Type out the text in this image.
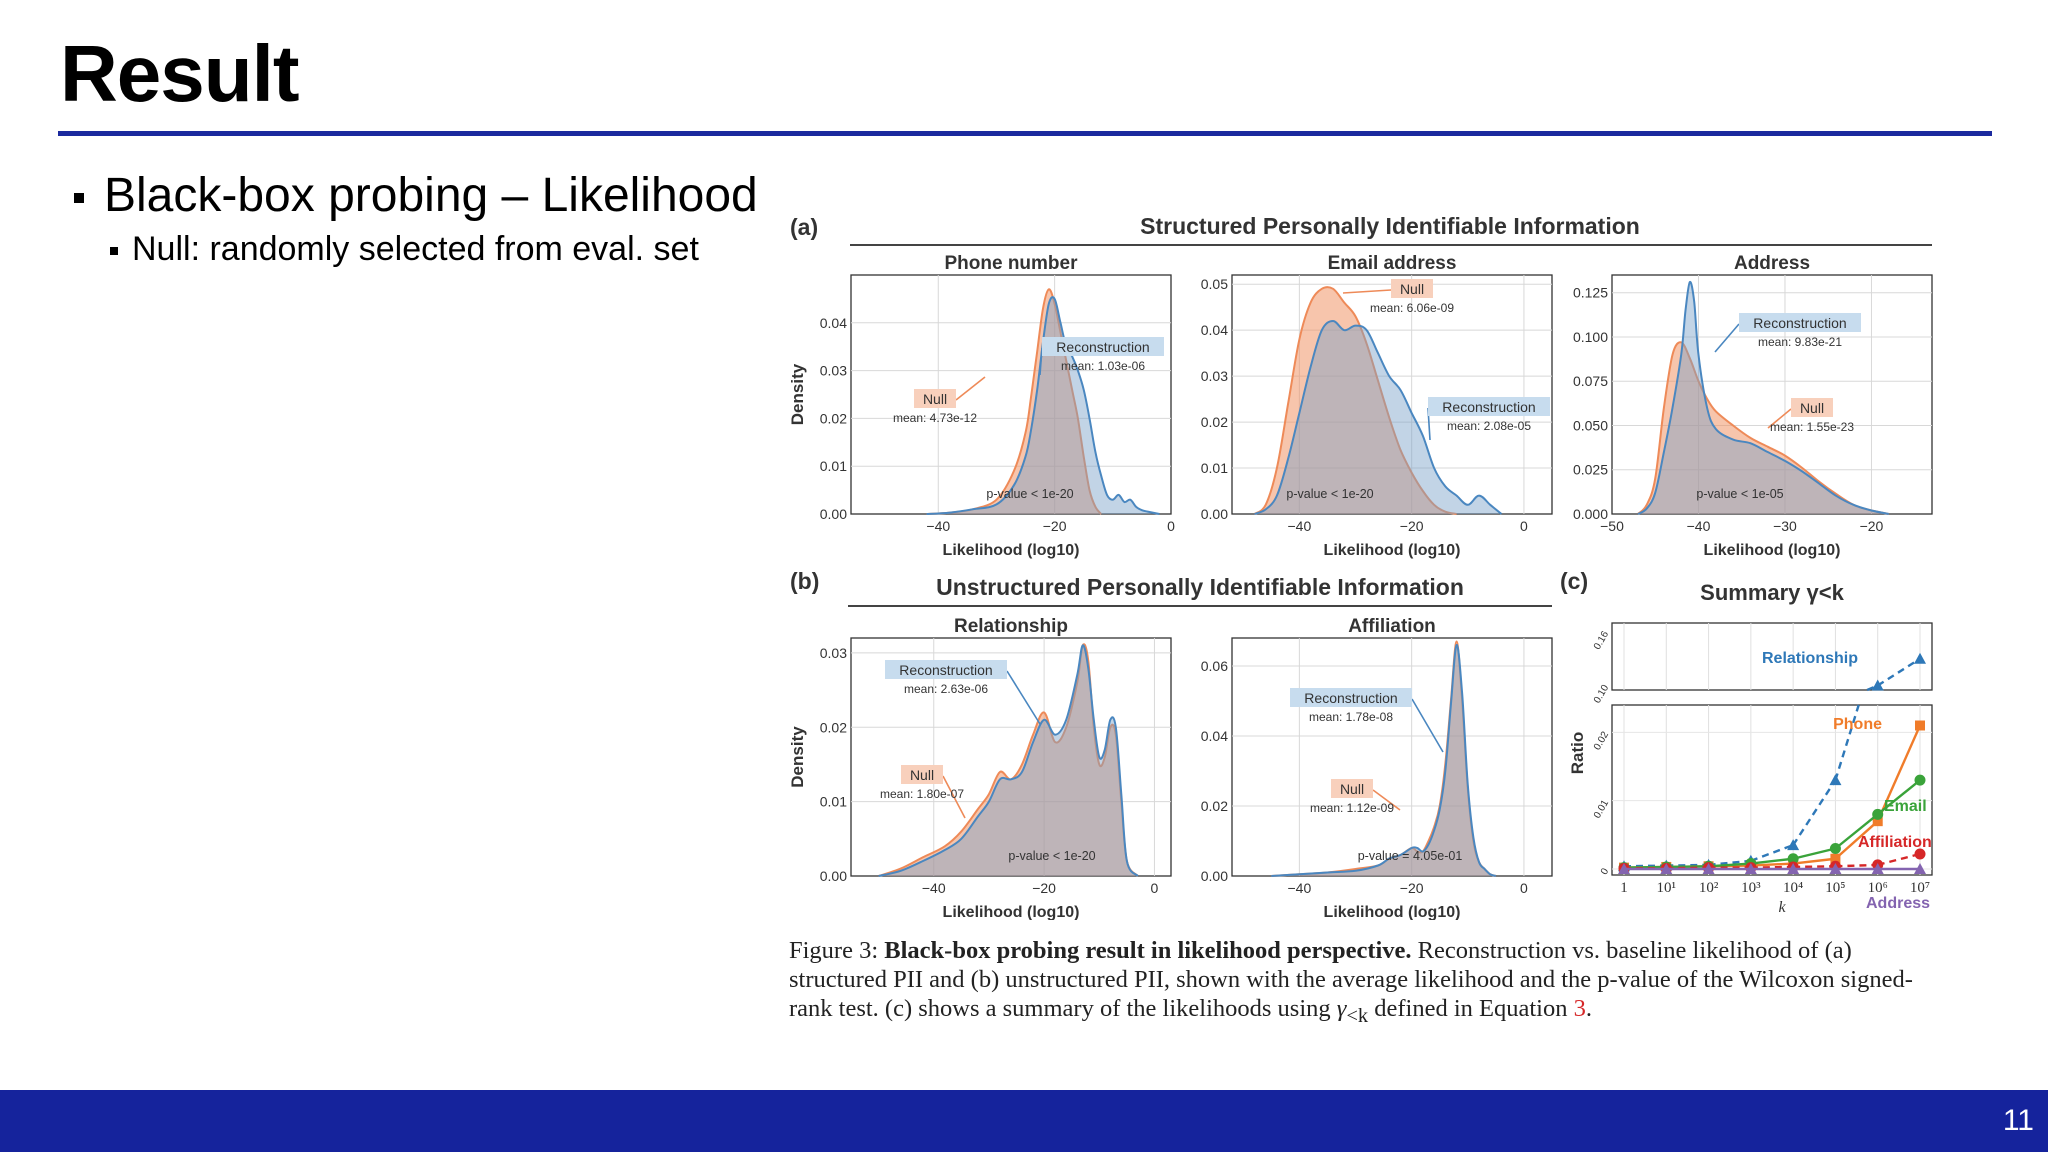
Result
Black-box probing – Likelihood
Null: randomly selected from eval. set
(a)	Structured Personally Identifiable Information
(b)	Unstructured Personally Identifiable Information	(c)
−40	−20	0
0.00
0.01
0.02
0.03
0.04
Phone number
Likelihood (log10)
Density
Reconstruction
mean: 1.03e-06
Null
mean: 4.73e-12
p-value < 1e-20
−40	−20	0
0.00
0.01
0.02
0.03
0.04
0.05
Email address
Likelihood (log10)
Reconstruction
mean: 2.08e-05
Null
mean: 6.06e-09
p-value < 1e-20
−50	−40	−30	−20
0.000
0.025
0.050
0.075
0.100
0.125
Address
Likelihood (log10)
Reconstruction
mean: 9.83e-21
Null
mean: 1.55e-23
p-value < 1e-05
−40	−20	0
0.00
0.01
0.02
0.03
Relationship
Likelihood (log10)
Density
Reconstruction
mean: 2.63e-06
Null
mean: 1.80e-07
p-value < 1e-20
−40	−20	0
0.00
0.02
0.04
0.06
Affiliation
Likelihood (log10)
Reconstruction
mean: 1.78e-08
Null
mean: 1.12e-09
p-value = 4.05e-01
Summary γ<k
0
0.01
0.02
0.10
0.16
1 10¹ 10² 10³ 10⁴ 10⁵ 10⁶ 10⁷
k
Ratio
Relationship
Phone
Email
Affiliation
Address
Figure 3: Black-box probing result in likelihood perspective. Reconstruction vs. baseline likelihood of (a) structured PII and (b) unstructured PII, shown with the average likelihood and the p-value of the Wilcoxon signed-rank test. (c) shows a summary of the likelihoods using $\gamma_{<k}$ defined in Equation 3.
11
